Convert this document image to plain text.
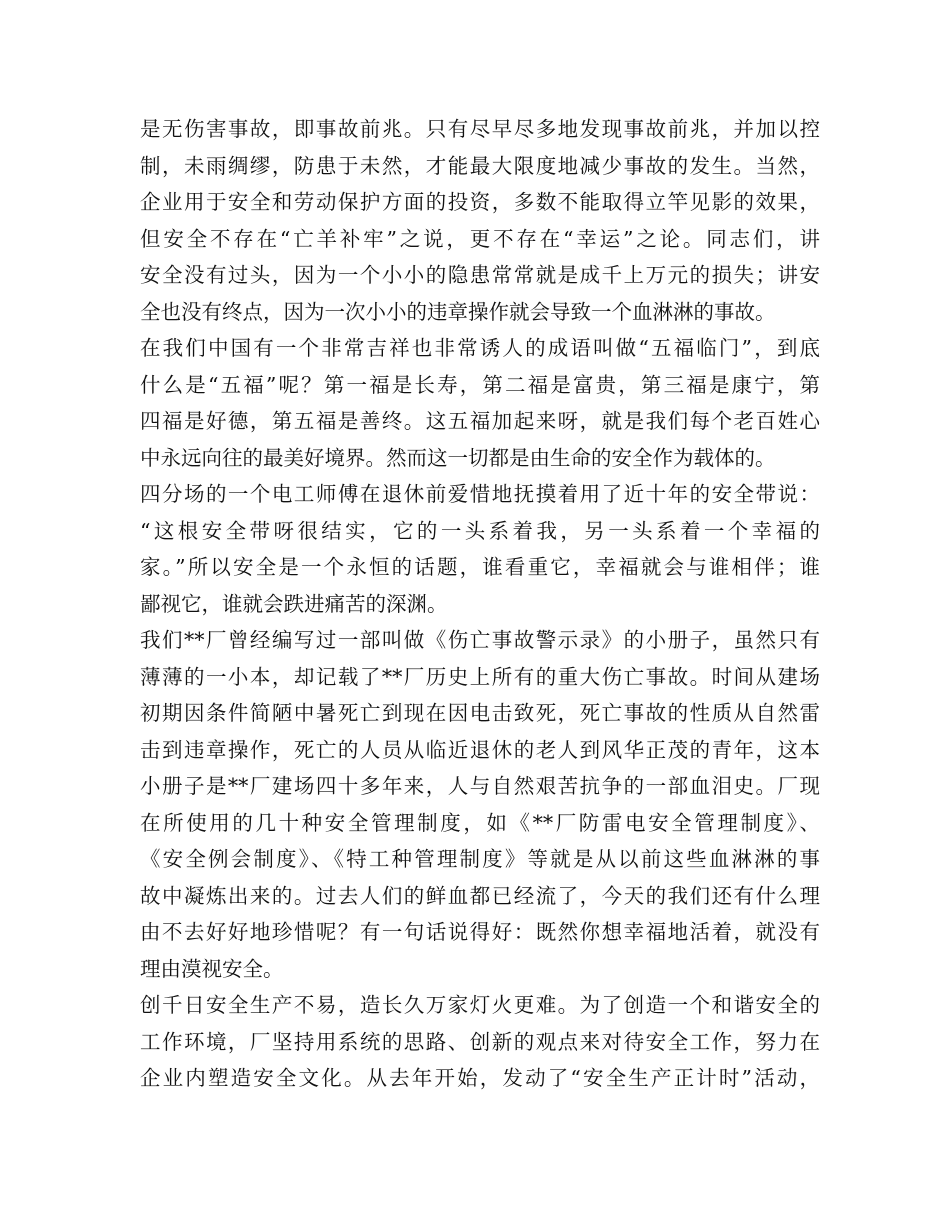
是无伤害事故，即事故前兆。只有尽早尽多地发现事故前兆，并加以控
制，未雨绸缪，防患于未然，才能最大限度地减少事故的发生。当然，
企业用于安全和劳动保护方面的投资，多数不能取得立竿见影的效果，
但安全不存在“亡羊补牢”之说，更不存在“幸运”之论。同志们，讲
安全没有过头，因为一个小小的隐患常常就是成千上万元的损失；讲安
全也没有终点，因为一次小小的违章操作就会导致一个血淋淋的事故。
在我们中国有一个非常吉祥也非常诱人的成语叫做“五福临门”，到底
什么是“五福”呢？第一福是长寿，第二福是富贵，第三福是康宁，第
四福是好德，第五福是善终。这五福加起来呀，就是我们每个老百姓心
中永远向往的最美好境界。然而这一切都是由生命的安全作为载体的。
四分场的一个电工师傅在退休前爱惜地抚摸着用了近十年的安全带说：
“这根安全带呀很结实，它的一头系着我，另一头系着一个幸福的
家。”所以安全是一个永恒的话题，谁看重它，幸福就会与谁相伴；谁
鄙视它，谁就会跌进痛苦的深渊。
我们**厂曾经编写过一部叫做《伤亡事故警示录》的小册子，虽然只有
薄薄的一小本，却记载了**厂历史上所有的重大伤亡事故。时间从建场
初期因条件简陋中暑死亡到现在因电击致死，死亡事故的性质从自然雷
击到违章操作，死亡的人员从临近退休的老人到风华正茂的青年，这本
小册子是**厂建场四十多年来，人与自然艰苦抗争的一部血泪史。厂现
在所使用的几十种安全管理制度，如《**厂防雷电安全管理制度》、
《安全例会制度》、《特工种管理制度》等就是从以前这些血淋淋的事
故中凝炼出来的。过去人们的鲜血都已经流了，今天的我们还有什么理
由不去好好地珍惜呢？有一句话说得好：既然你想幸福地活着，就没有
理由漠视安全。
创千日安全生产不易，造长久万家灯火更难。为了创造一个和谐安全的
工作环境，厂坚持用系统的思路、创新的观点来对待安全工作，努力在
企业内塑造安全文化。从去年开始，发动了“安全生产正计时”活动，
